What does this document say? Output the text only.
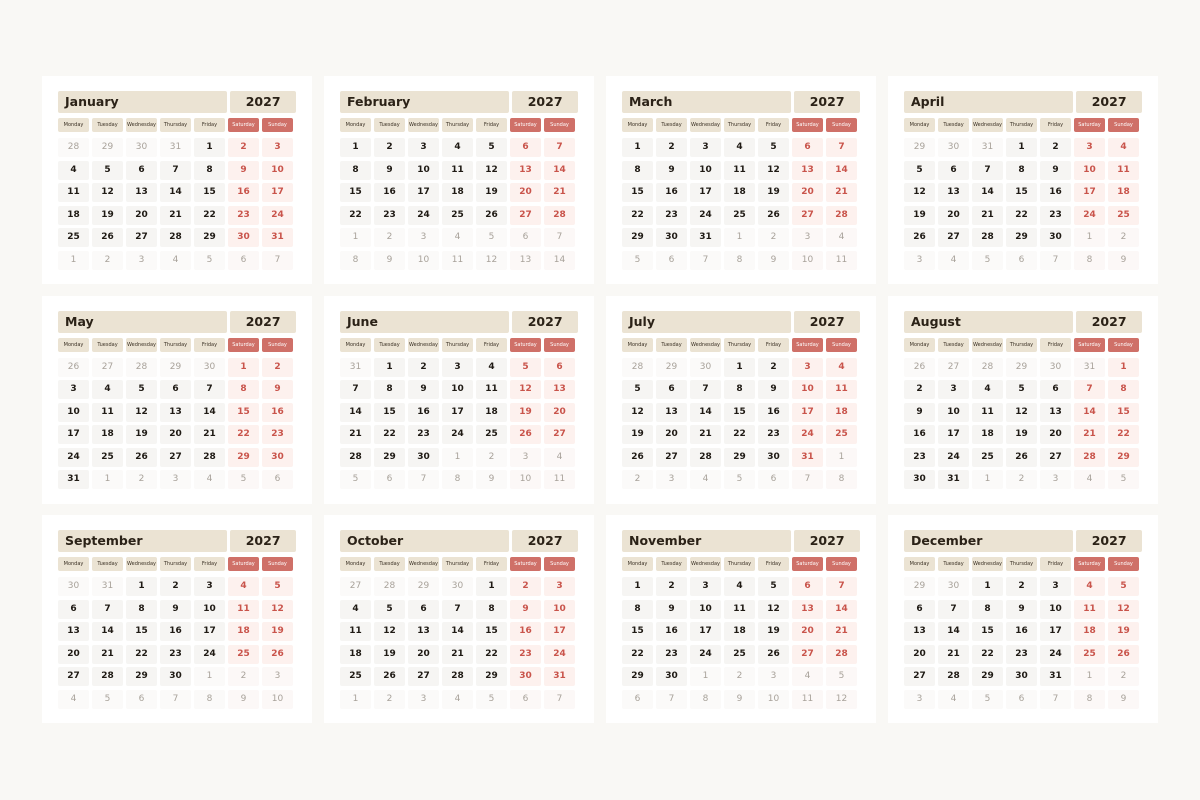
January	2027
Monday	Tuesday	Wednesday	Thursday	Friday	Saturday	Sunday
28	29	30	31	1	2	3
4	5	6	7	8	9	10
11	12	13	14	15	16	17
18	19	20	21	22	23	24
25	26	27	28	29	30	31
1	2	3	4	5	6	7
February	2027
Monday	Tuesday	Wednesday	Thursday	Friday	Saturday	Sunday
1	2	3	4	5	6	7
8	9	10	11	12	13	14
15	16	17	18	19	20	21
22	23	24	25	26	27	28
1	2	3	4	5	6	7
8	9	10	11	12	13	14
March	2027
Monday	Tuesday	Wednesday	Thursday	Friday	Saturday	Sunday
1	2	3	4	5	6	7
8	9	10	11	12	13	14
15	16	17	18	19	20	21
22	23	24	25	26	27	28
29	30	31	1	2	3	4
5	6	7	8	9	10	11
April	2027
Monday	Tuesday	Wednesday	Thursday	Friday	Saturday	Sunday
29	30	31	1	2	3	4
5	6	7	8	9	10	11
12	13	14	15	16	17	18
19	20	21	22	23	24	25
26	27	28	29	30	1	2
3	4	5	6	7	8	9
May	2027
Monday	Tuesday	Wednesday	Thursday	Friday	Saturday	Sunday
26	27	28	29	30	1	2
3	4	5	6	7	8	9
10	11	12	13	14	15	16
17	18	19	20	21	22	23
24	25	26	27	28	29	30
31	1	2	3	4	5	6
June	2027
Monday	Tuesday	Wednesday	Thursday	Friday	Saturday	Sunday
31	1	2	3	4	5	6
7	8	9	10	11	12	13
14	15	16	17	18	19	20
21	22	23	24	25	26	27
28	29	30	1	2	3	4
5	6	7	8	9	10	11
July	2027
Monday	Tuesday	Wednesday	Thursday	Friday	Saturday	Sunday
28	29	30	1	2	3	4
5	6	7	8	9	10	11
12	13	14	15	16	17	18
19	20	21	22	23	24	25
26	27	28	29	30	31	1
2	3	4	5	6	7	8
August	2027
Monday	Tuesday	Wednesday	Thursday	Friday	Saturday	Sunday
26	27	28	29	30	31	1
2	3	4	5	6	7	8
9	10	11	12	13	14	15
16	17	18	19	20	21	22
23	24	25	26	27	28	29
30	31	1	2	3	4	5
September	2027
Monday	Tuesday	Wednesday	Thursday	Friday	Saturday	Sunday
30	31	1	2	3	4	5
6	7	8	9	10	11	12
13	14	15	16	17	18	19
20	21	22	23	24	25	26
27	28	29	30	1	2	3
4	5	6	7	8	9	10
October	2027
Monday	Tuesday	Wednesday	Thursday	Friday	Saturday	Sunday
27	28	29	30	1	2	3
4	5	6	7	8	9	10
11	12	13	14	15	16	17
18	19	20	21	22	23	24
25	26	27	28	29	30	31
1	2	3	4	5	6	7
November	2027
Monday	Tuesday	Wednesday	Thursday	Friday	Saturday	Sunday
1	2	3	4	5	6	7
8	9	10	11	12	13	14
15	16	17	18	19	20	21
22	23	24	25	26	27	28
29	30	1	2	3	4	5
6	7	8	9	10	11	12
December	2027
Monday	Tuesday	Wednesday	Thursday	Friday	Saturday	Sunday
29	30	1	2	3	4	5
6	7	8	9	10	11	12
13	14	15	16	17	18	19
20	21	22	23	24	25	26
27	28	29	30	31	1	2
3	4	5	6	7	8	9
